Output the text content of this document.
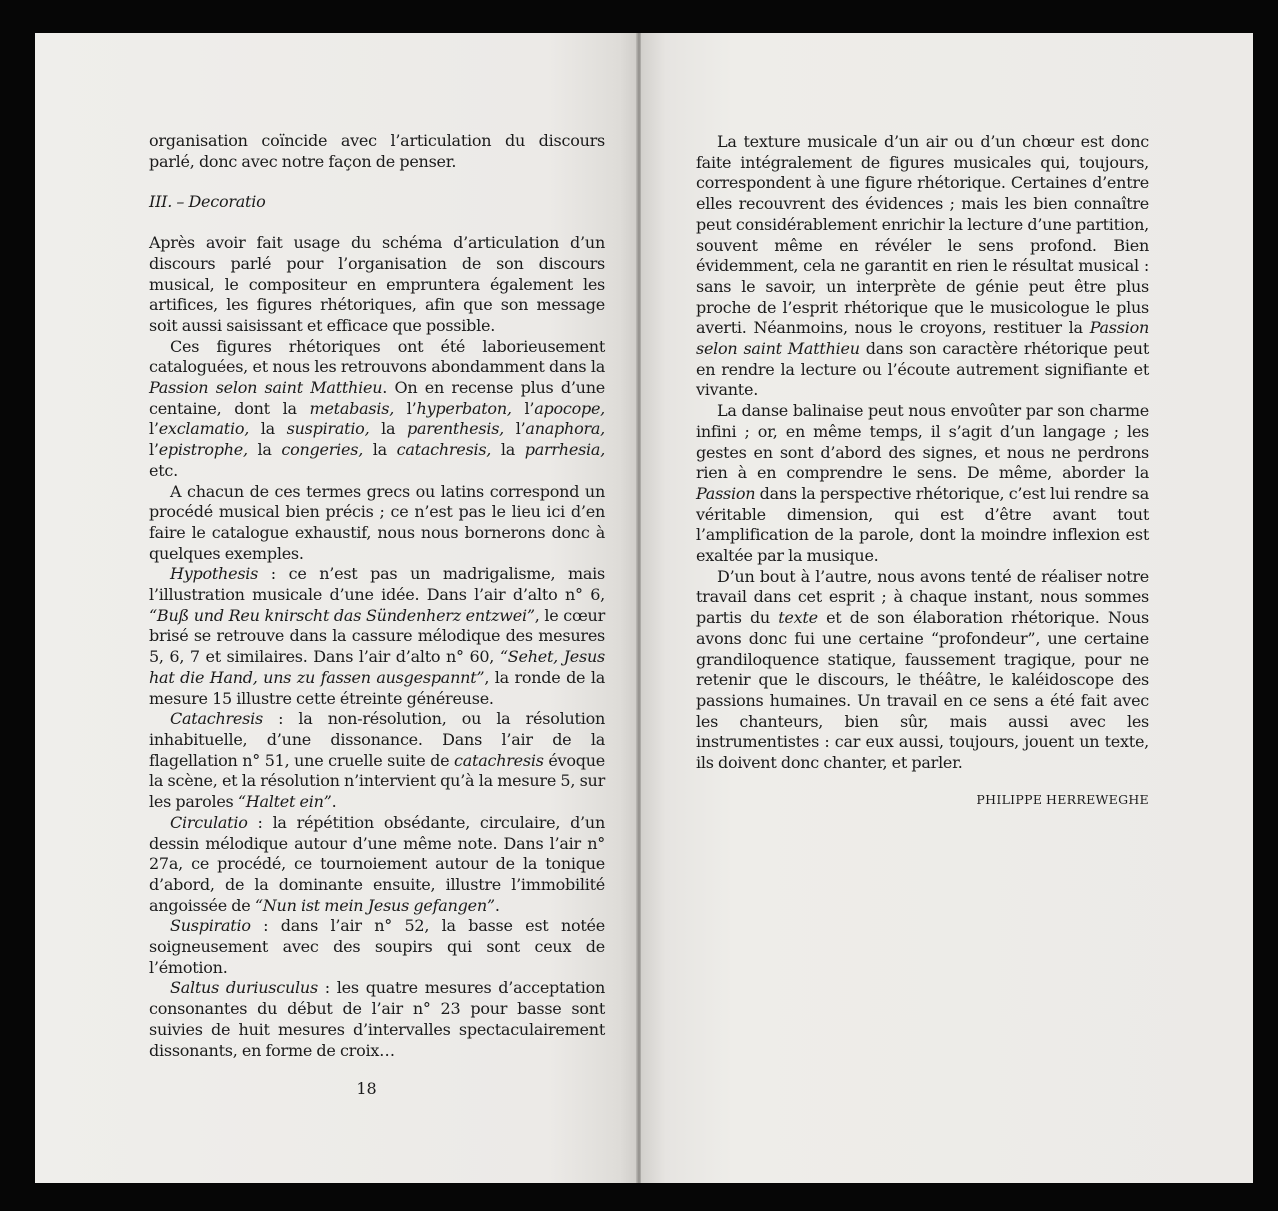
organisation coïncide avec l’articulation du discours parlé, donc avec notre façon de penser.

III. – Decoratio

Après avoir fait usage du schéma d’articulation d’un discours parlé pour l’organisation de son discours musical, le compositeur en empruntera également les artifices, les figures rhétoriques, afin que son message soit aussi saisissant et efficace que possible.

Ces figures rhétoriques ont été laborieusement cataloguées, et nous les retrouvons abondamment dans la Passion selon saint Matthieu. On en recense plus d’une centaine, dont la metabasis, l’hyperbaton, l’apocope, l’exclamatio, la suspiratio, la parenthesis, l’anaphora, l’epistrophe, la congeries, la catachresis, la parrhesia, etc.

A chacun de ces termes grecs ou latins correspond un procédé musical bien précis ; ce n’est pas le lieu ici d’en faire le catalogue exhaustif, nous nous bornerons donc à quelques exemples.

Hypothesis : ce n’est pas un madrigalisme, mais l’illustration musicale d’une idée. Dans l’air d’alto n° 6, “Buß und Reu knirscht das Sündenherz entzwei”, le cœur brisé se retrouve dans la cassure mélodique des mesures 5, 6, 7 et similaires. Dans l’air d’alto n° 60, “Sehet, Jesus hat die Hand, uns zu fassen ausgespannt”, la ronde de la mesure 15 illustre cette étreinte généreuse.

Catachresis : la non-résolution, ou la résolution inhabituelle, d’une dissonance. Dans l’air de la flagellation n° 51, une cruelle suite de catachresis évoque la scène, et la résolution n’intervient qu’à la mesure 5, sur les paroles “Haltet ein”.

Circulatio : la répétition obsédante, circulaire, d’un dessin mélodique autour d’une même note. Dans l’air n° 27a, ce procédé, ce tournoiement autour de la tonique d’abord, de la dominante ensuite, illustre l’immobilité angoissée de “Nun ist mein Jesus gefangen”.

Suspiratio : dans l’air n° 52, la basse est notée soigneusement avec des soupirs qui sont ceux de l’émotion.

Saltus duriusculus : les quatre mesures d’acceptation consonantes du début de l’air n° 23 pour basse sont suivies de huit mesures d’intervalles spectaculairement dissonants, en forme de croix…

18

La texture musicale d’un air ou d’un chœur est donc faite intégralement de figures musicales qui, toujours, correspondent à une figure rhétorique. Certaines d’entre elles recouvrent des évidences ; mais les bien connaître peut considérablement enrichir la lecture d’une partition, souvent même en révéler le sens profond. Bien évidemment, cela ne garantit en rien le résultat musical : sans le savoir, un interprète de génie peut être plus proche de l’esprit rhétorique que le musicologue le plus averti. Néanmoins, nous le croyons, restituer la Passion selon saint Matthieu dans son caractère rhétorique peut en rendre la lecture ou l’écoute autrement signifiante et vivante.

La danse balinaise peut nous envoûter par son charme infini ; or, en même temps, il s’agit d’un langage ; les gestes en sont d’abord des signes, et nous ne perdrons rien à en comprendre le sens. De même, aborder la Passion dans la perspective rhétorique, c’est lui rendre sa véritable dimension, qui est d’être avant tout l’amplification de la parole, dont la moindre inflexion est exaltée par la musique.

D’un bout à l’autre, nous avons tenté de réaliser notre travail dans cet esprit ; à chaque instant, nous sommes partis du texte et de son élaboration rhétorique. Nous avons donc fui une certaine “profondeur”, une certaine grandiloquence statique, faussement tragique, pour ne retenir que le discours, le théâtre, le kaléidoscope des passions humaines. Un travail en ce sens a été fait avec les chanteurs, bien sûr, mais aussi avec les instrumentistes : car eux aussi, toujours, jouent un texte, ils doivent donc chanter, et parler.

PHILIPPE HERREWEGHE
